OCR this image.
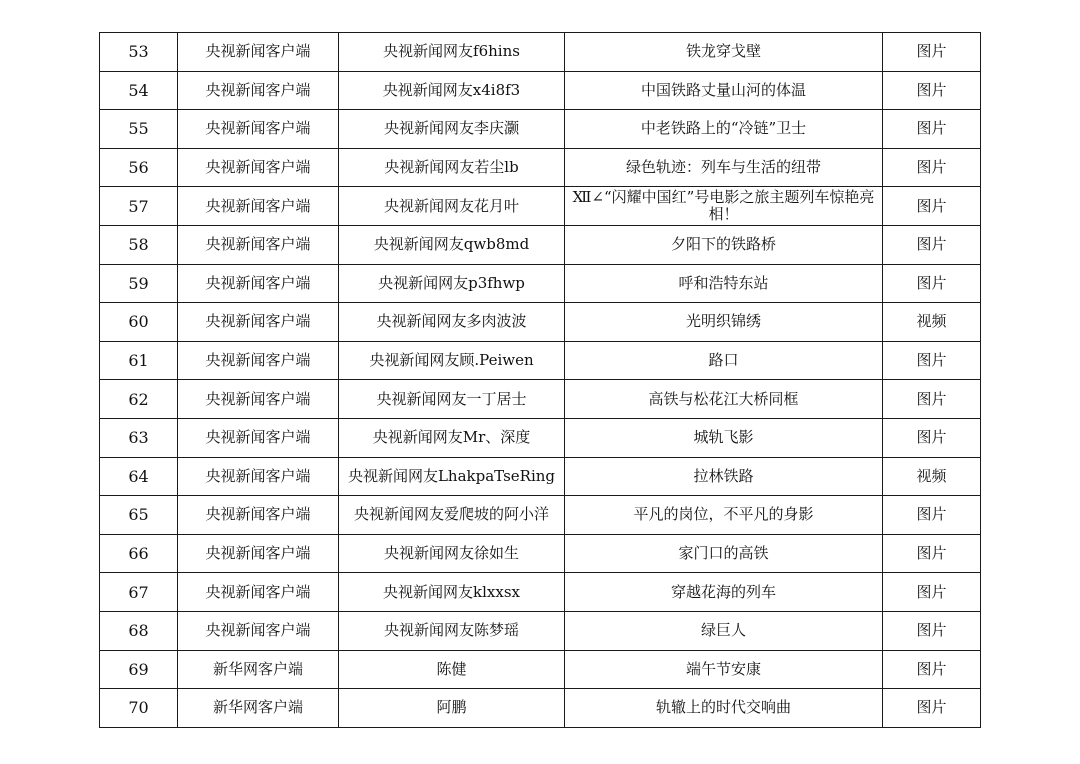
53	央视新闻客户端	央视新闻网友f6hins	铁龙穿戈壁	图片
54	央视新闻客户端	央视新闻网友x4i8f3	中国铁路丈量山河的体温	图片
55	央视新闻客户端	央视新闻网友李庆灏	中老铁路上的“冷链”卫士	图片
56	央视新闻客户端	央视新闻网友若尘lb	绿色轨迹：列车与生活的纽带	图片
57	央视新闻客户端	央视新闻网友花月叶	Ⅻ∠“闪耀中国红”号电影之旅主题列车惊艳亮相！	图片
58	央视新闻客户端	央视新闻网友qwb8md	夕阳下的铁路桥	图片
59	央视新闻客户端	央视新闻网友p3fhwp	呼和浩特东站	图片
60	央视新闻客户端	央视新闻网友多肉波波	光明织锦绣	视频
61	央视新闻客户端	央视新闻网友顾.Peiwen	路口	图片
62	央视新闻客户端	央视新闻网友一丁居士	高铁与松花江大桥同框	图片
63	央视新闻客户端	央视新闻网友Mr、深度	城轨飞影	图片
64	央视新闻客户端	央视新闻网友LhakpaTseRing	拉林铁路	视频
65	央视新闻客户端	央视新闻网友爱爬坡的阿小洋	平凡的岗位，不平凡的身影	图片
66	央视新闻客户端	央视新闻网友徐如生	家门口的高铁	图片
67	央视新闻客户端	央视新闻网友klxxsx	穿越花海的列车	图片
68	央视新闻客户端	央视新闻网友陈梦瑶	绿巨人	图片
69	新华网客户端	陈健	端午节安康	图片
70	新华网客户端	阿鹏	轨辙上的时代交响曲	图片
